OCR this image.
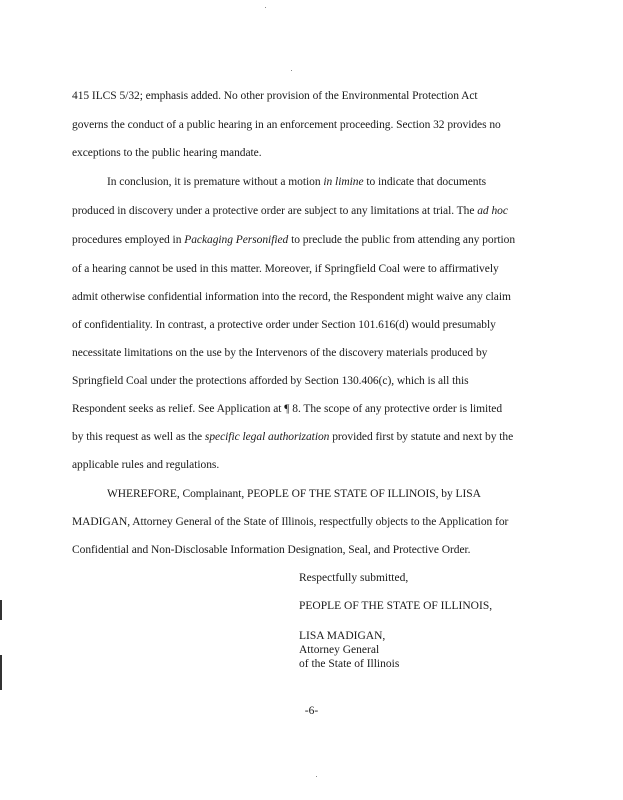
415 ILCS 5/32; emphasis added. No other provision of the Environmental Protection Act
governs the conduct of a public hearing in an enforcement proceeding. Section 32 provides no
exceptions to the public hearing mandate.
In conclusion, it is premature without a motion in limine to indicate that documents
produced in discovery under a protective order are subject to any limitations at trial. The ad hoc
procedures employed in Packaging Personified to preclude the public from attending any portion
of a hearing cannot be used in this matter. Moreover, if Springfield Coal were to affirmatively
admit otherwise confidential information into the record, the Respondent might waive any claim
of confidentiality. In contrast, a protective order under Section 101.616(d) would presumably
necessitate limitations on the use by the Intervenors of the discovery materials produced by
Springfield Coal under the protections afforded by Section 130.406(c), which is all this
Respondent seeks as relief. See Application at ¶ 8. The scope of any protective order is limited
by this request as well as the specific legal authorization provided first by statute and next by the
applicable rules and regulations.
WHEREFORE, Complainant, PEOPLE OF THE STATE OF ILLINOIS, by LISA
MADIGAN, Attorney General of the State of Illinois, respectfully objects to the Application for
Confidential and Non-Disclosable Information Designation, Seal, and Protective Order.
Respectfully submitted,
PEOPLE OF THE STATE OF ILLINOIS,
LISA MADIGAN,
Attorney General
of the State of Illinois
-6-
